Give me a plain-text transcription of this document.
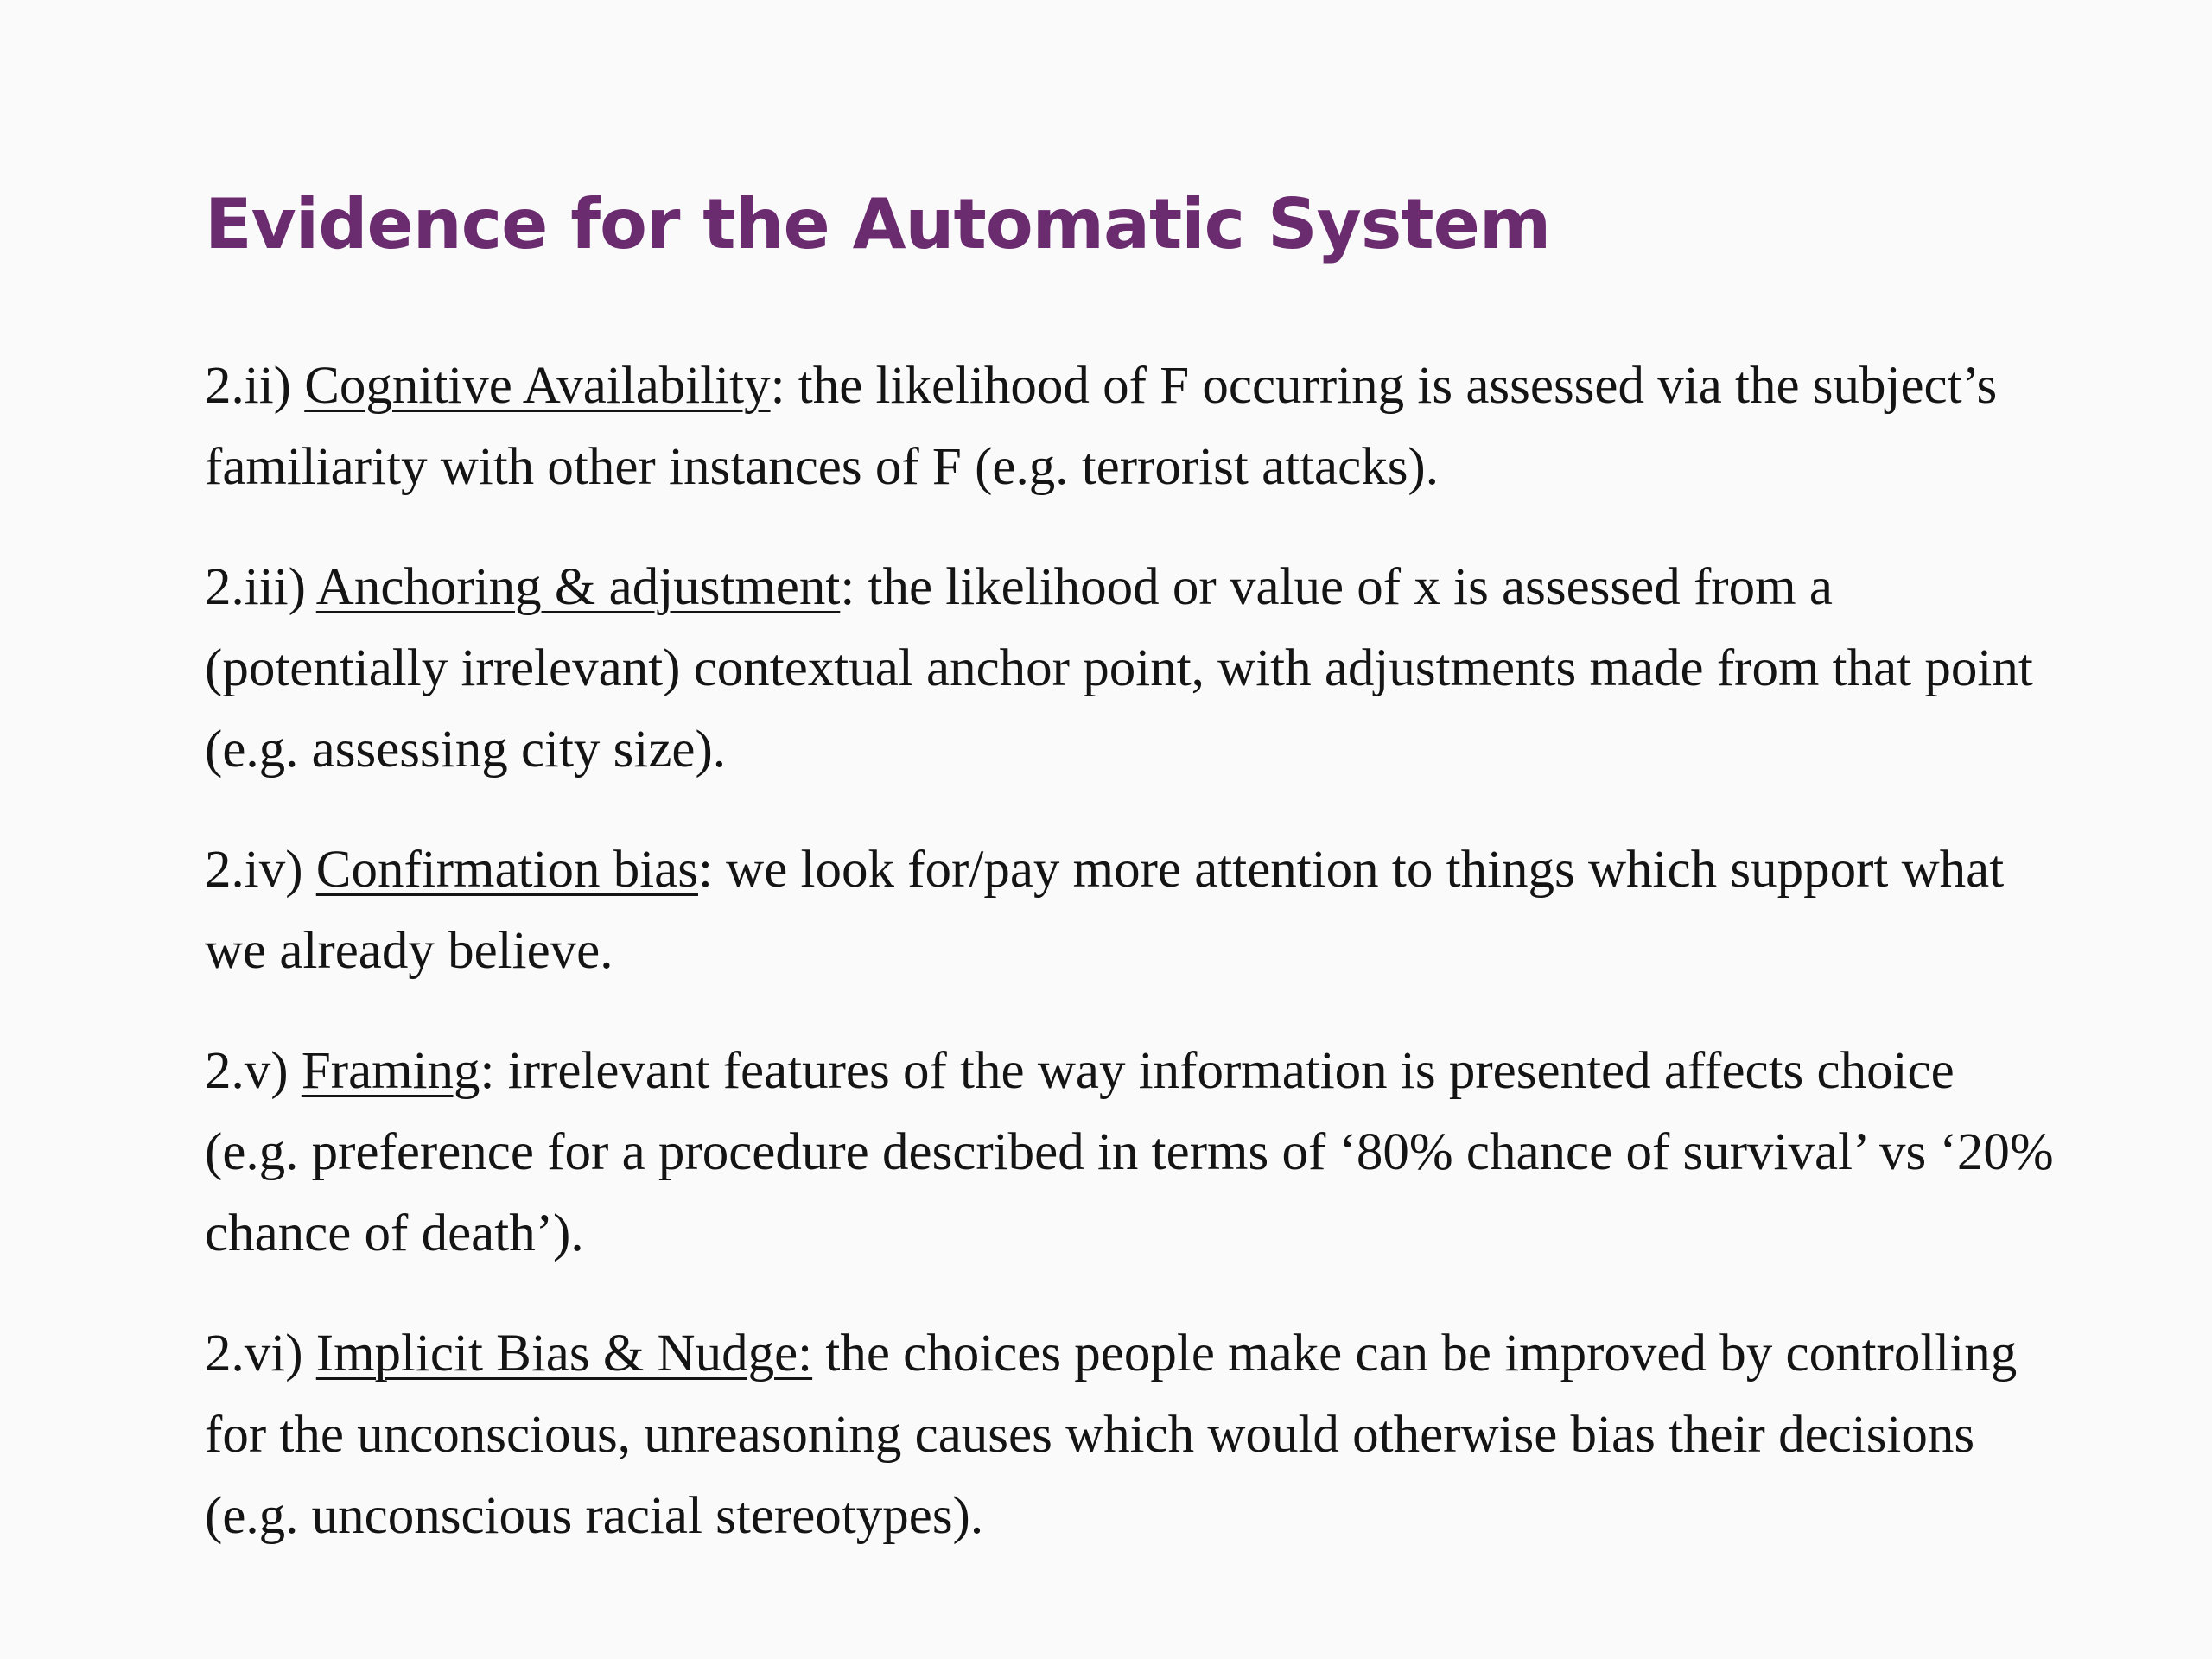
Evidence for the Automatic System

2.ii) Cognitive Availability: the likelihood of F occurring is assessed via the subject’s familiarity with other instances of F (e.g. terrorist attacks).

2.iii) Anchoring & adjustment: the likelihood or value of x is assessed from a (potentially irrelevant) contextual anchor point, with adjustments made from that point (e.g. assessing city size).

2.iv) Confirmation bias: we look for/pay more attention to things which support what we already believe.

2.v) Framing: irrelevant features of the way information is presented affects choice (e.g. preference for a procedure described in terms of ‘80% chance of survival’ vs ‘20% chance of death’).

2.vi) Implicit Bias & Nudge: the choices people make can be improved by controlling for the unconscious, unreasoning causes which would otherwise bias their decisions (e.g. unconscious racial stereotypes).
